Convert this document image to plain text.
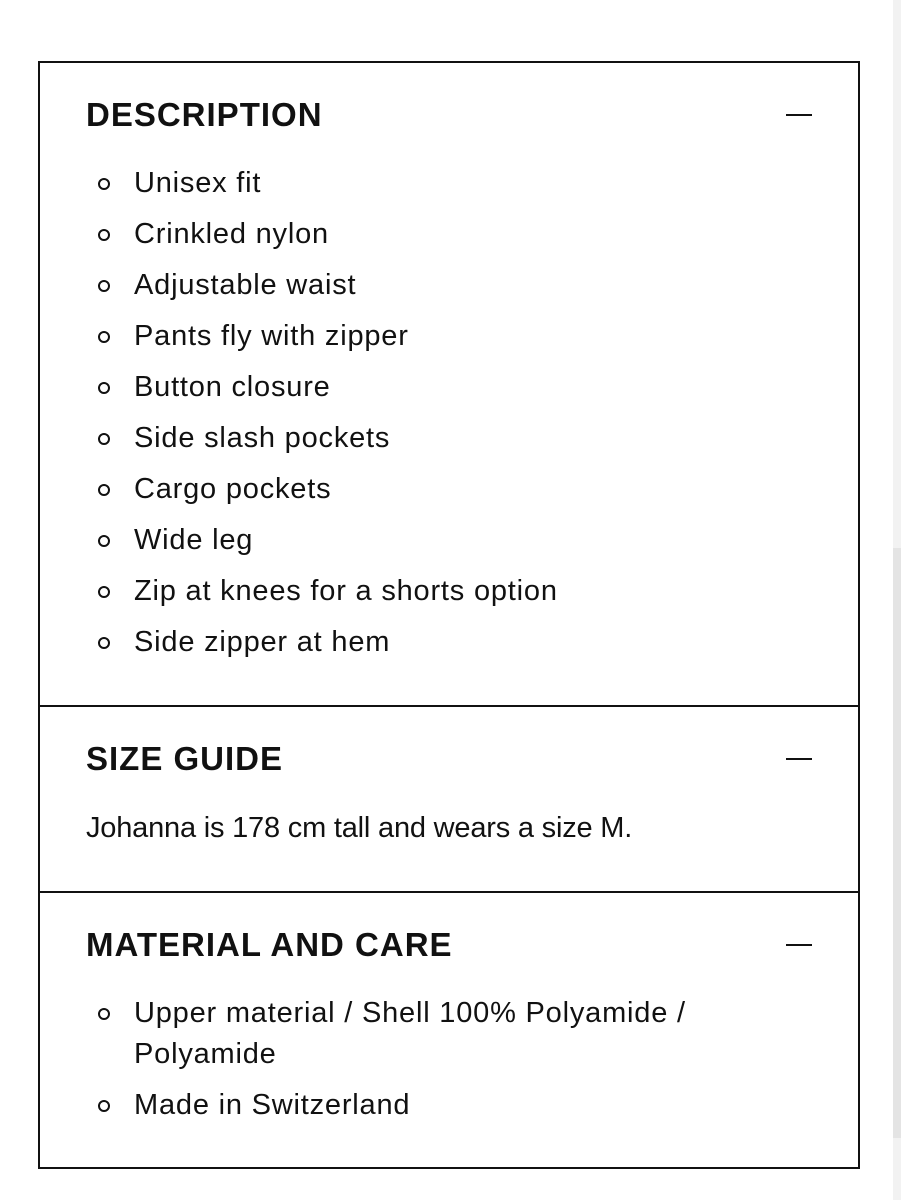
DESCRIPTION
Unisex fit
Crinkled nylon
Adjustable waist
Pants fly with zipper
Button closure
Side slash pockets
Cargo pockets
Wide leg
Zip at knees for a shorts option
Side zipper at hem
SIZE GUIDE
Johanna is 178 cm tall and wears a size M.
MATERIAL AND CARE
Upper material / Shell 100% Polyamide / Polyamide
Made in Switzerland
